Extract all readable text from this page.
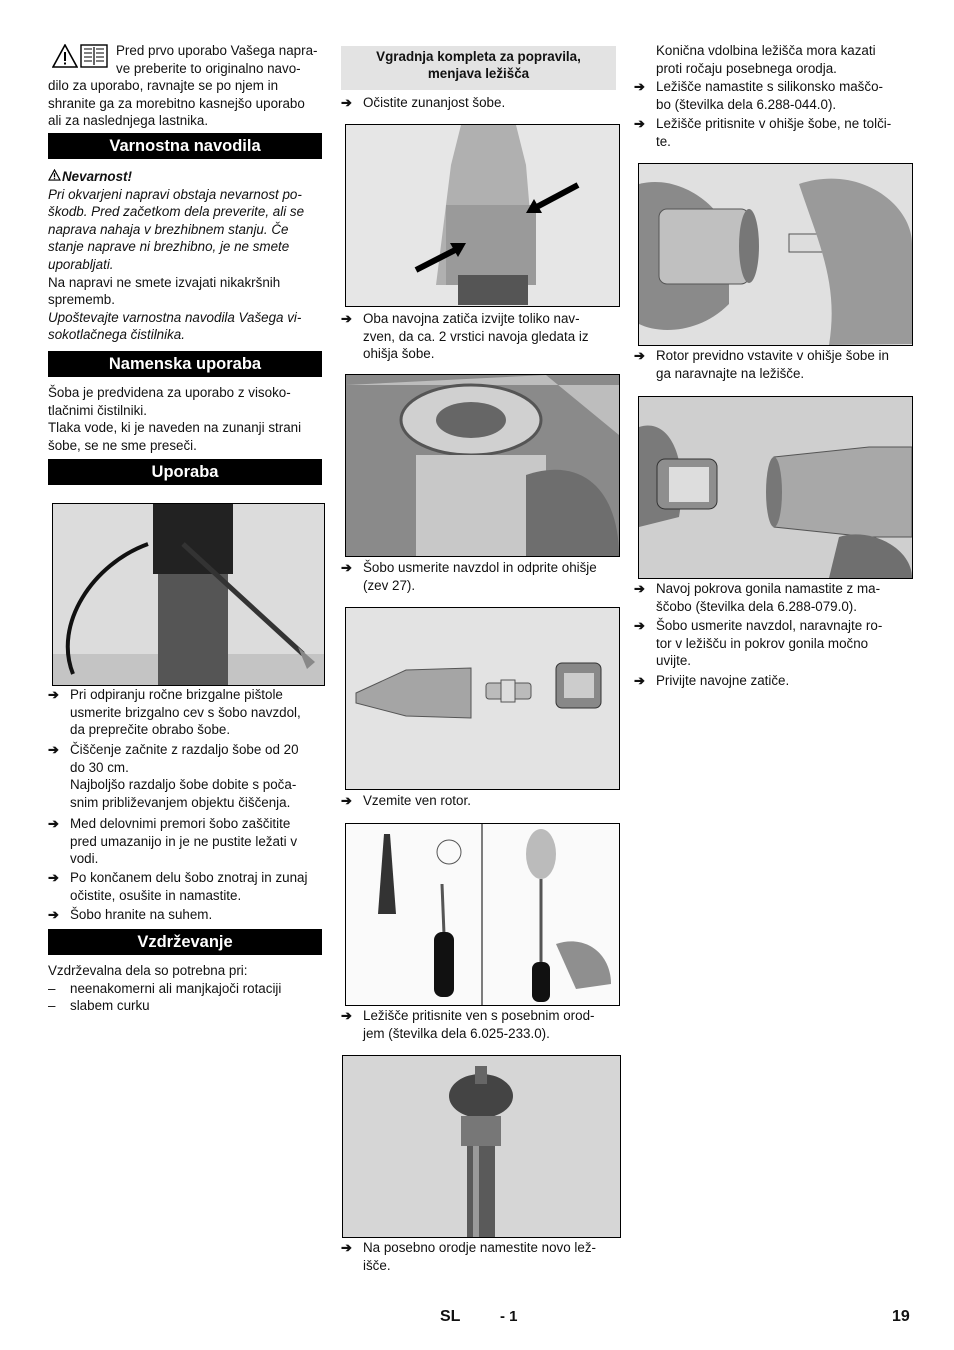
Pred prvo uporabo Vašega napra-
ve preberite to originalno navo-
dilo za uporabo, ravnajte se po njem in
shranite ga za morebitno kasnejšo uporabo
ali za naslednjega lastnika.
Varnostna navodila
Nevarnost!
Pri okvarjeni napravi obstaja nevarnost po-
škodb. Pred začetkom dela preverite, ali se
naprava nahaja v brezhibnem stanju. Če
stanje naprave ni brezhibno, je ne smete
uporabljati.
Na napravi ne smete izvajati nikakršnih
sprememb.
Upoštevajte varnostna navodila Vašega vi-
sokotlačnega čistilnika.
Namenska uporaba
Šoba je predvidena za uporabo z visoko-
tlačnimi čistilniki.
Tlaka vode, ki je naveden na zunanji strani
šobe, se ne sme preseči.
Uporaba
➔ Pri odpiranju ročne brizgalne pištole
usmerite brizgalno cev s šobo navzdol,
da preprečite obrabo šobe.
➔ Čiščenje začnite z razdaljo šobe od 20
do 30 cm.
Najboljšo razdaljo šobe dobite s poča-
snim približevanjem objektu čiščenja.
➔ Med delovnimi premori šobo zaščitite
pred umazanijo in je ne pustite ležati v
vodi.
➔ Po končanem delu šobo znotraj in zunaj
očistite, osušite in namastite.
➔ Šobo hranite na suhem.
Vzdrževanje
Vzdrževalna dela so potrebna pri:
– neenakomerni ali manjkajoči rotaciji
– slabem curku
Vgradnja kompleta za popravila,
menjava ležišča
➔ Očistite zunanjost šobe.
➔ Oba navojna zatiča izvijte toliko nav-
zven, da ca. 2 vrstici navoja gledata iz
ohišja šobe.
➔ Šobo usmerite navzdol in odprite ohišje
(zev 27).
➔ Vzemite ven rotor.
➔ Ležišče pritisnite ven s posebnim orod-
jem (številka dela 6.025-233.0).
➔ Na posebno orodje namestite novo lež-
išče.
Konična vdolbina ležišča mora kazati
proti ročaju posebnega orodja.
➔ Ležišče namastite s silikonsko maščo-
bo (številka dela 6.288-044.0).
➔ Ležišče pritisnite v ohišje šobe, ne tolči-
te.
➔ Rotor previdno vstavite v ohišje šobe in
ga naravnajte na ležišče.
➔ Navoj pokrova gonila namastite z ma-
ščobo (številka dela 6.288-079.0).
➔ Šobo usmerite navzdol, naravnajte ro-
tor v ležišču in pokrov gonila močno
uvijte.
➔ Privijte navojne zatiče.
SL	- 1	19
